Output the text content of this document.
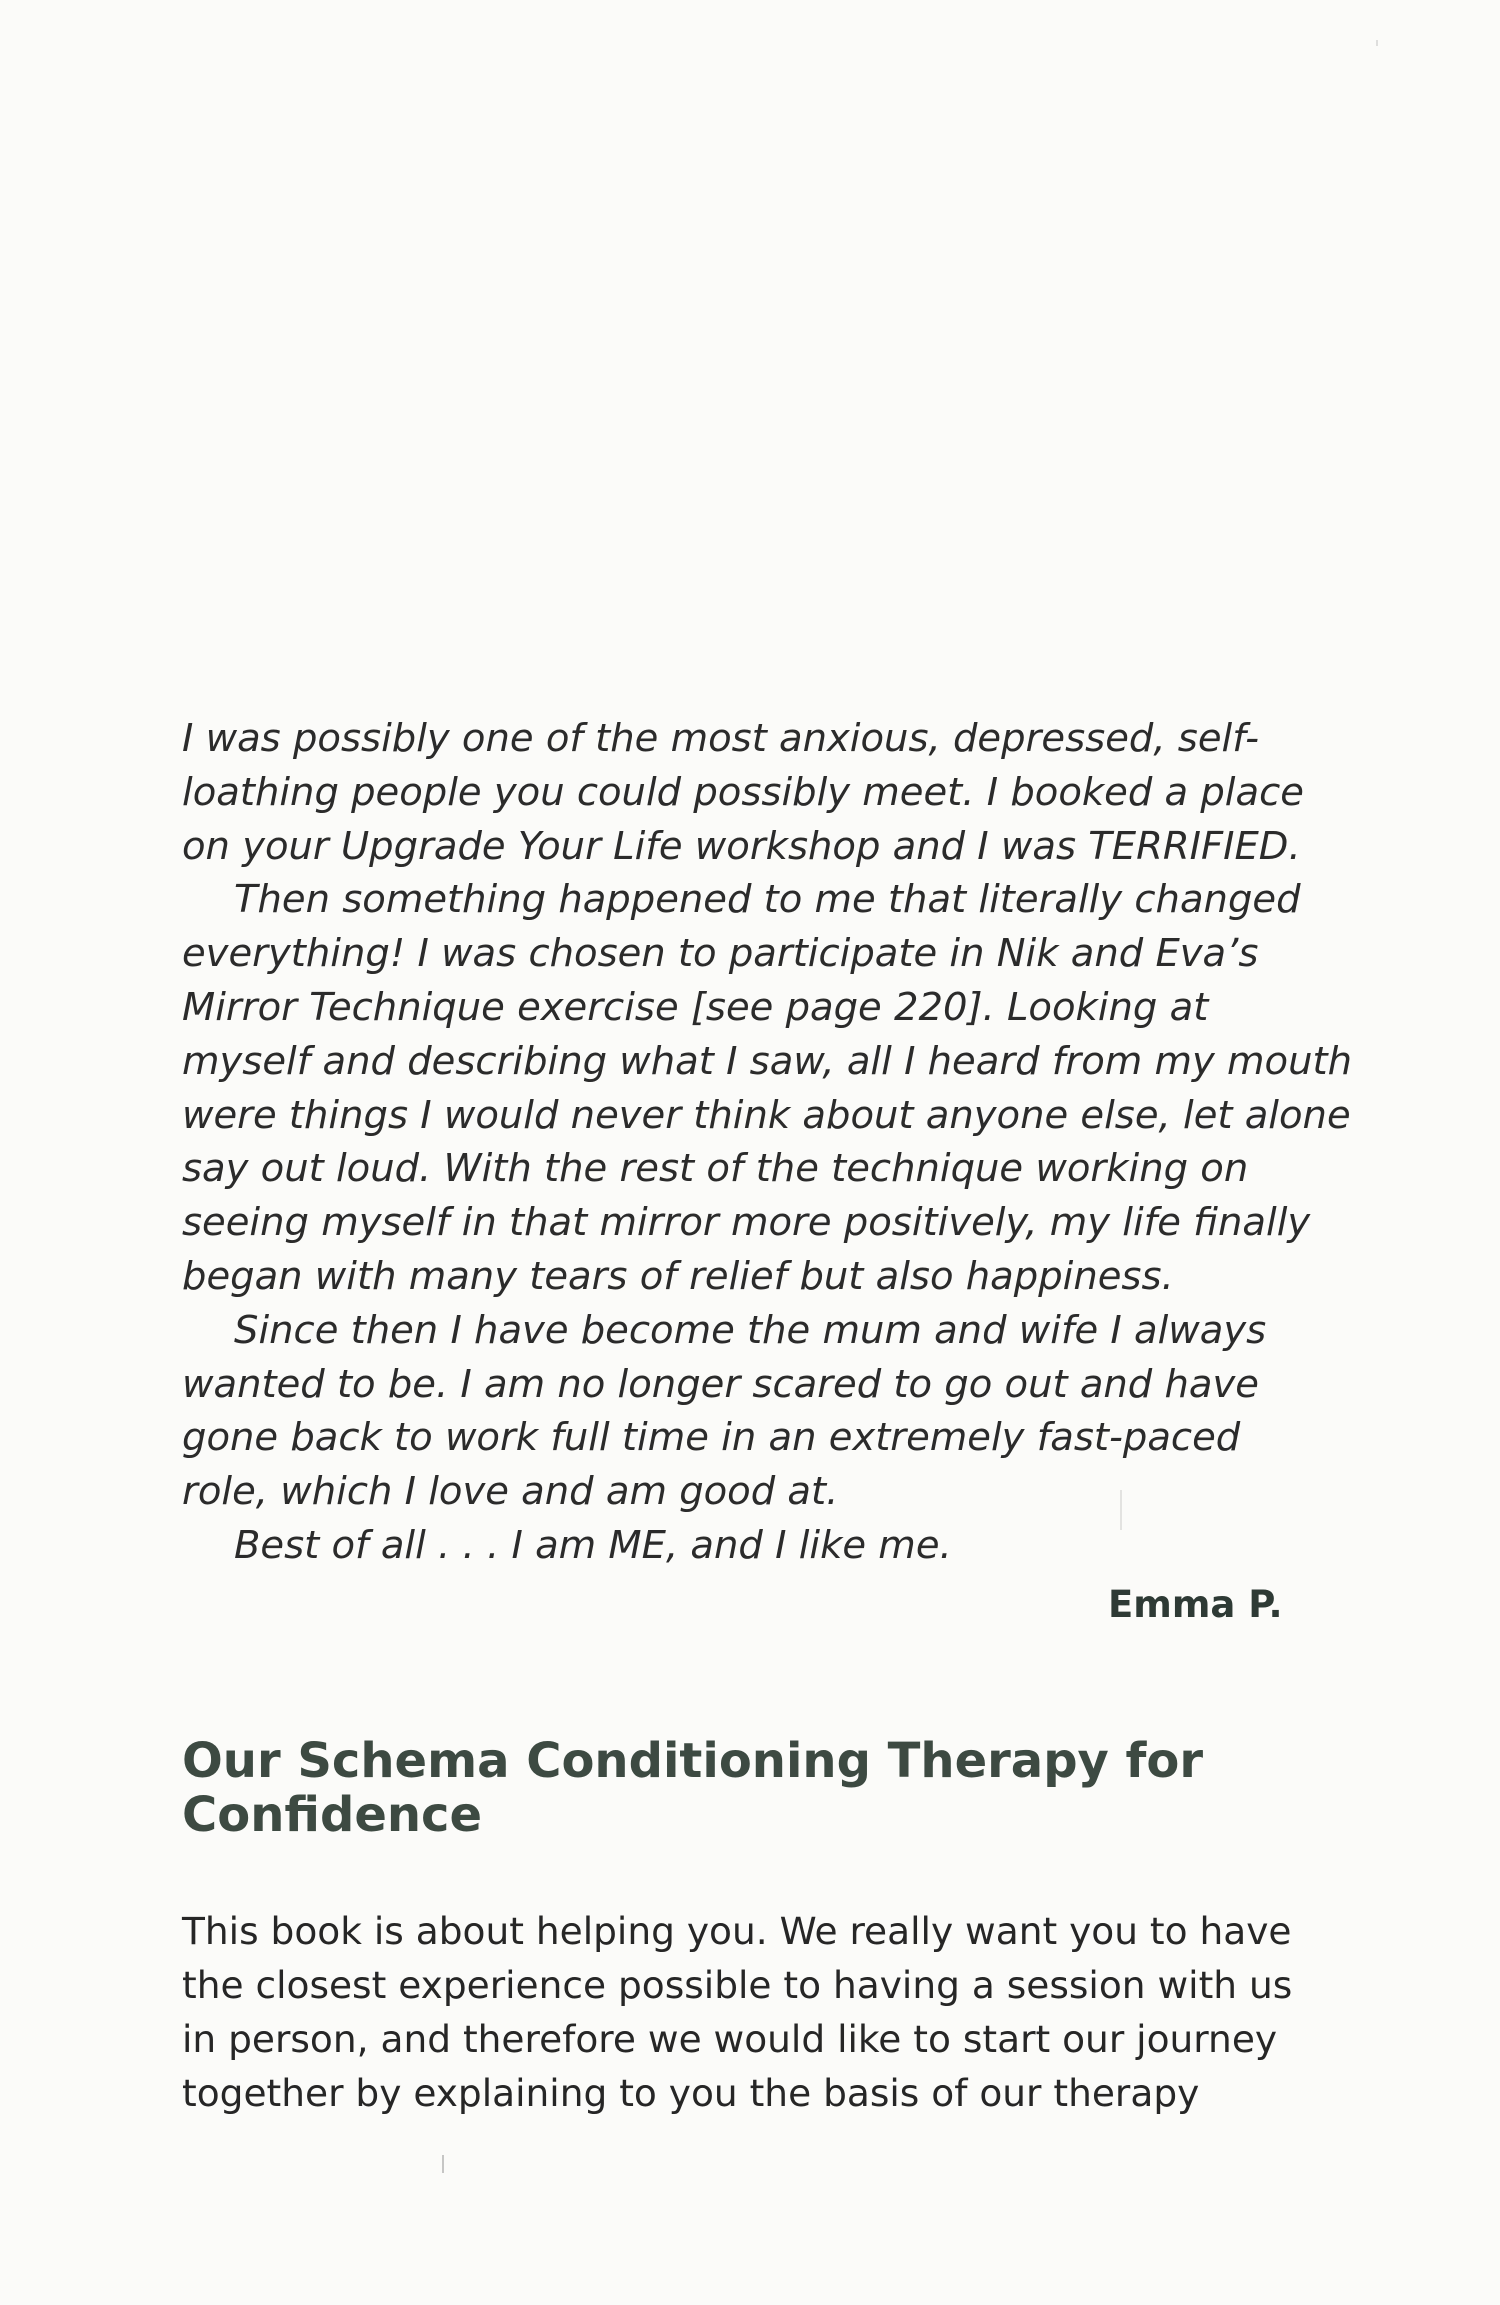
I was possibly one of the most anxious, depressed, self-
loathing people you could possibly meet. I booked a place
on your Upgrade Your Life workshop and I was TERRIFIED.
Then something happened to me that literally changed
everything! I was chosen to participate in Nik and Eva’s
Mirror Technique exercise [see page 220]. Looking at
myself and describing what I saw, all I heard from my mouth
were things I would never think about anyone else, let alone
say out loud. With the rest of the technique working on
seeing myself in that mirror more positively, my life finally
began with many tears of relief but also happiness.
Since then I have become the mum and wife I always
wanted to be. I am no longer scared to go out and have
gone back to work full time in an extremely fast-paced
role, which I love and am good at.
Best of all . . . I am ME, and I like me.
Emma P.
Our Schema Conditioning Therapy for
Confidence
This book is about helping you. We really want you to have
the closest experience possible to having a session with us
in person, and therefore we would like to start our journey
together by explaining to you the basis of our therapy
